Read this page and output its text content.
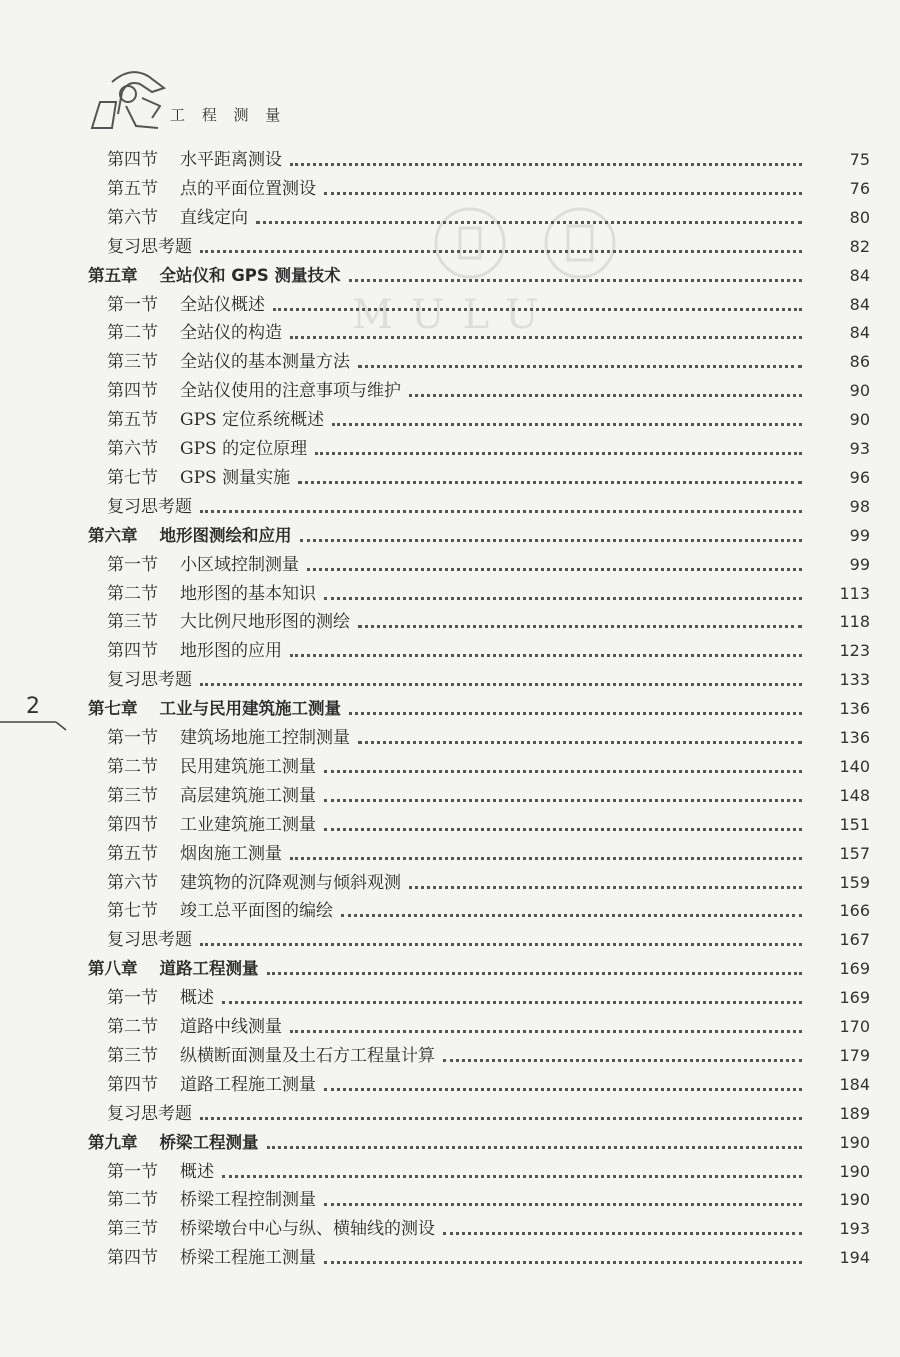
工 程 测 量
MULU
第四节 水平距离测设	75
第五节 点的平面位置测设	76
第六节 直线定向	80
复习思考题	82
第五章 全站仪和 GPS 测量技术	84
第一节 全站仪概述	84
第二节 全站仪的构造	84
第三节 全站仪的基本测量方法	86
第四节 全站仪使用的注意事项与维护	90
第五节 GPS 定位系统概述	90
第六节 GPS 的定位原理	93
第七节 GPS 测量实施	96
复习思考题	98
第六章 地形图测绘和应用	99
第一节 小区域控制测量	99
第二节 地形图的基本知识	113
第三节 大比例尺地形图的测绘	118
第四节 地形图的应用	123
复习思考题	133
第七章 工业与民用建筑施工测量	136
第一节 建筑场地施工控制测量	136
第二节 民用建筑施工测量	140
第三节 高层建筑施工测量	148
第四节 工业建筑施工测量	151
第五节 烟囱施工测量	157
第六节 建筑物的沉降观测与倾斜观测	159
第七节 竣工总平面图的编绘	166
复习思考题	167
第八章 道路工程测量	169
第一节 概述	169
第二节 道路中线测量	170
第三节 纵横断面测量及土石方工程量计算	179
第四节 道路工程施工测量	184
复习思考题	189
第九章 桥梁工程测量	190
第一节 概述	190
第二节 桥梁工程控制测量	190
第三节 桥梁墩台中心与纵、横轴线的测设	193
第四节 桥梁工程施工测量	194
2
